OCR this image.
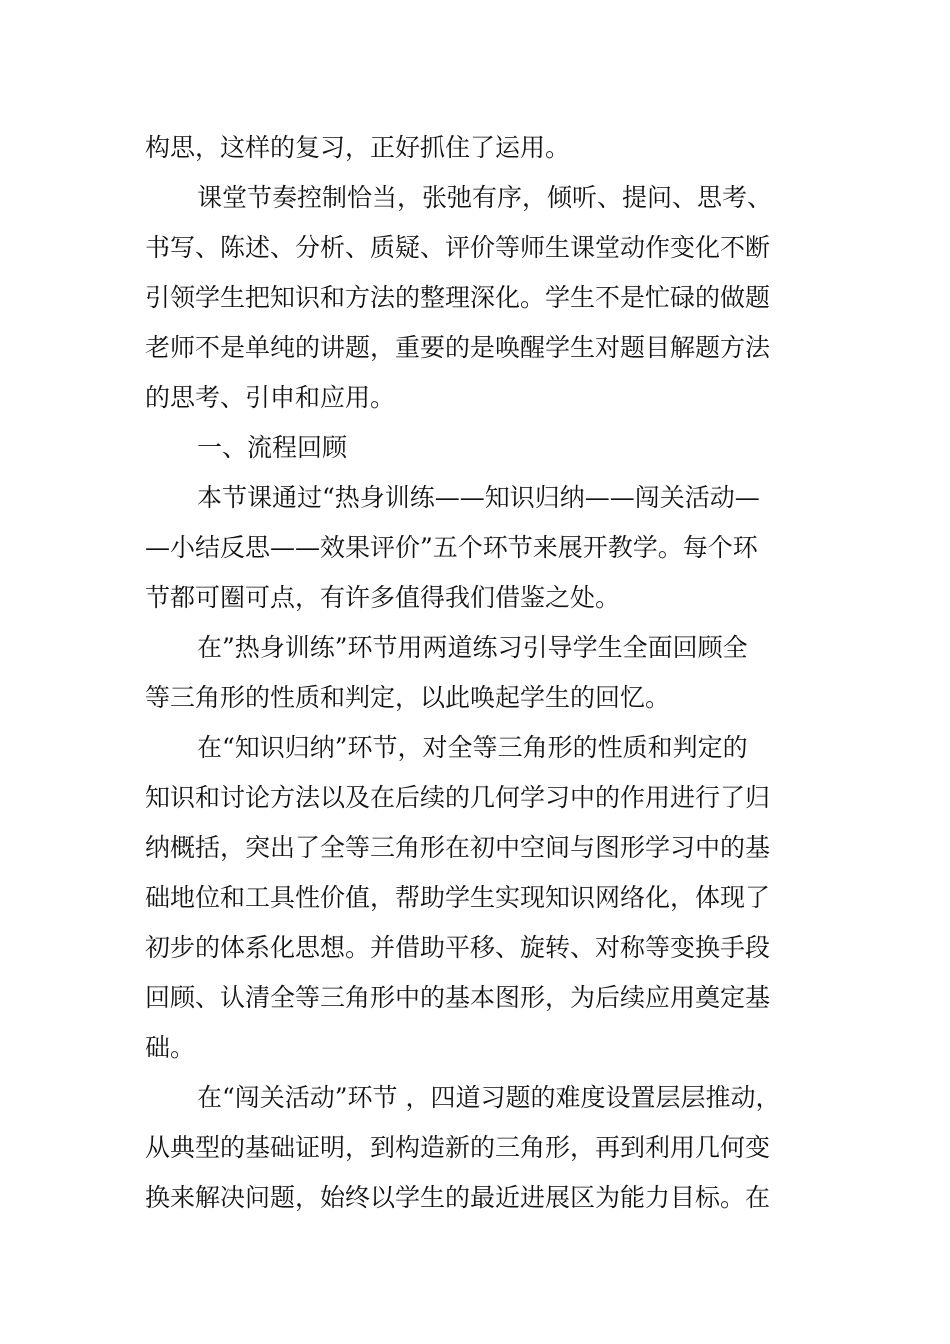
构思，这样的复习，正好抓住了运用。
课堂节奏控制恰当，张弛有序，倾听、提问、思考、
书写、陈述、分析、质疑、评价等师生课堂动作变化不断
引领学生把知识和方法的整理深化。学生不是忙碌的做题
老师不是单纯的讲题，重要的是唤醒学生对题目解题方法
的思考、引申和应用。
一、流程回顾
本节课通过“热身训练——知识归纳——闯关活动—
—小结反思——效果评价”五个环节来展开教学。每个环
节都可圈可点，有许多值得我们借鉴之处。
在”热身训练”环节用两道练习引导学生全面回顾全
等三角形的性质和判定，以此唤起学生的回忆。
在“知识归纳”环节，对全等三角形的性质和判定的
知识和讨论方法以及在后续的几何学习中的作用进行了归
纳概括，突出了全等三角形在初中空间与图形学习中的基
础地位和工具性价值，帮助学生实现知识网络化，体现了
初步的体系化思想。并借助平移、旋转、对称等变换手段
回顾、认清全等三角形中的基本图形，为后续应用奠定基
础。
在“闯关活动”环节 ，四道习题的难度设置层层推动，
从典型的基础证明，到构造新的三角形，再到利用几何变
换来解决问题，始终以学生的最近进展区为能力目标。在
